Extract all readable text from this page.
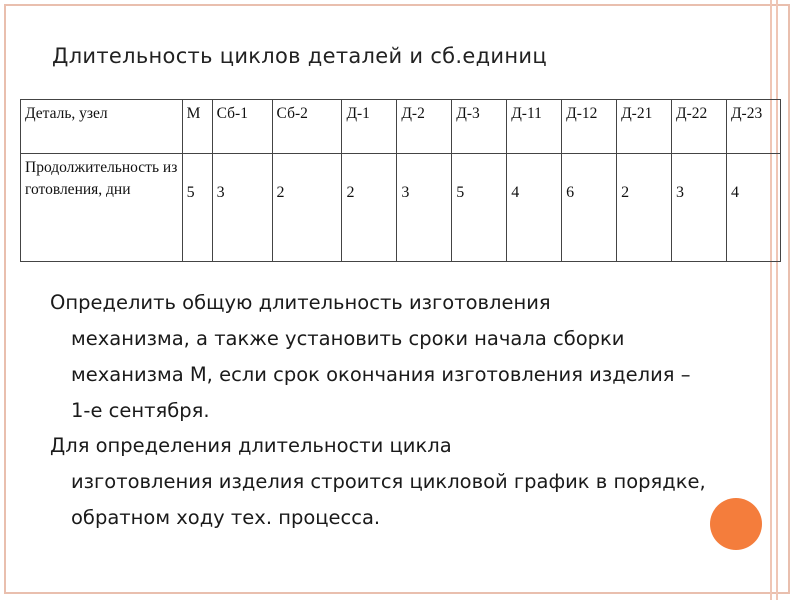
Длительность циклов деталей и сб.единиц
Деталь, узел	М	Сб-1	Сб-2	Д-1	Д-2	Д-3	Д-11	Д-12	Д-21	Д-22	Д-23
Продолжительность изготовления, дни	5	3	2	2	3	5	4	6	2	3	4
Определить общую длительность изготовления
механизма, а также установить сроки начала сборки механизма М, если срок окончания изготовления изделия – 1-е сентября.
Для определения длительности цикла
изготовления изделия строится цикловой график в порядке, обратном ходу тех. процесса.
